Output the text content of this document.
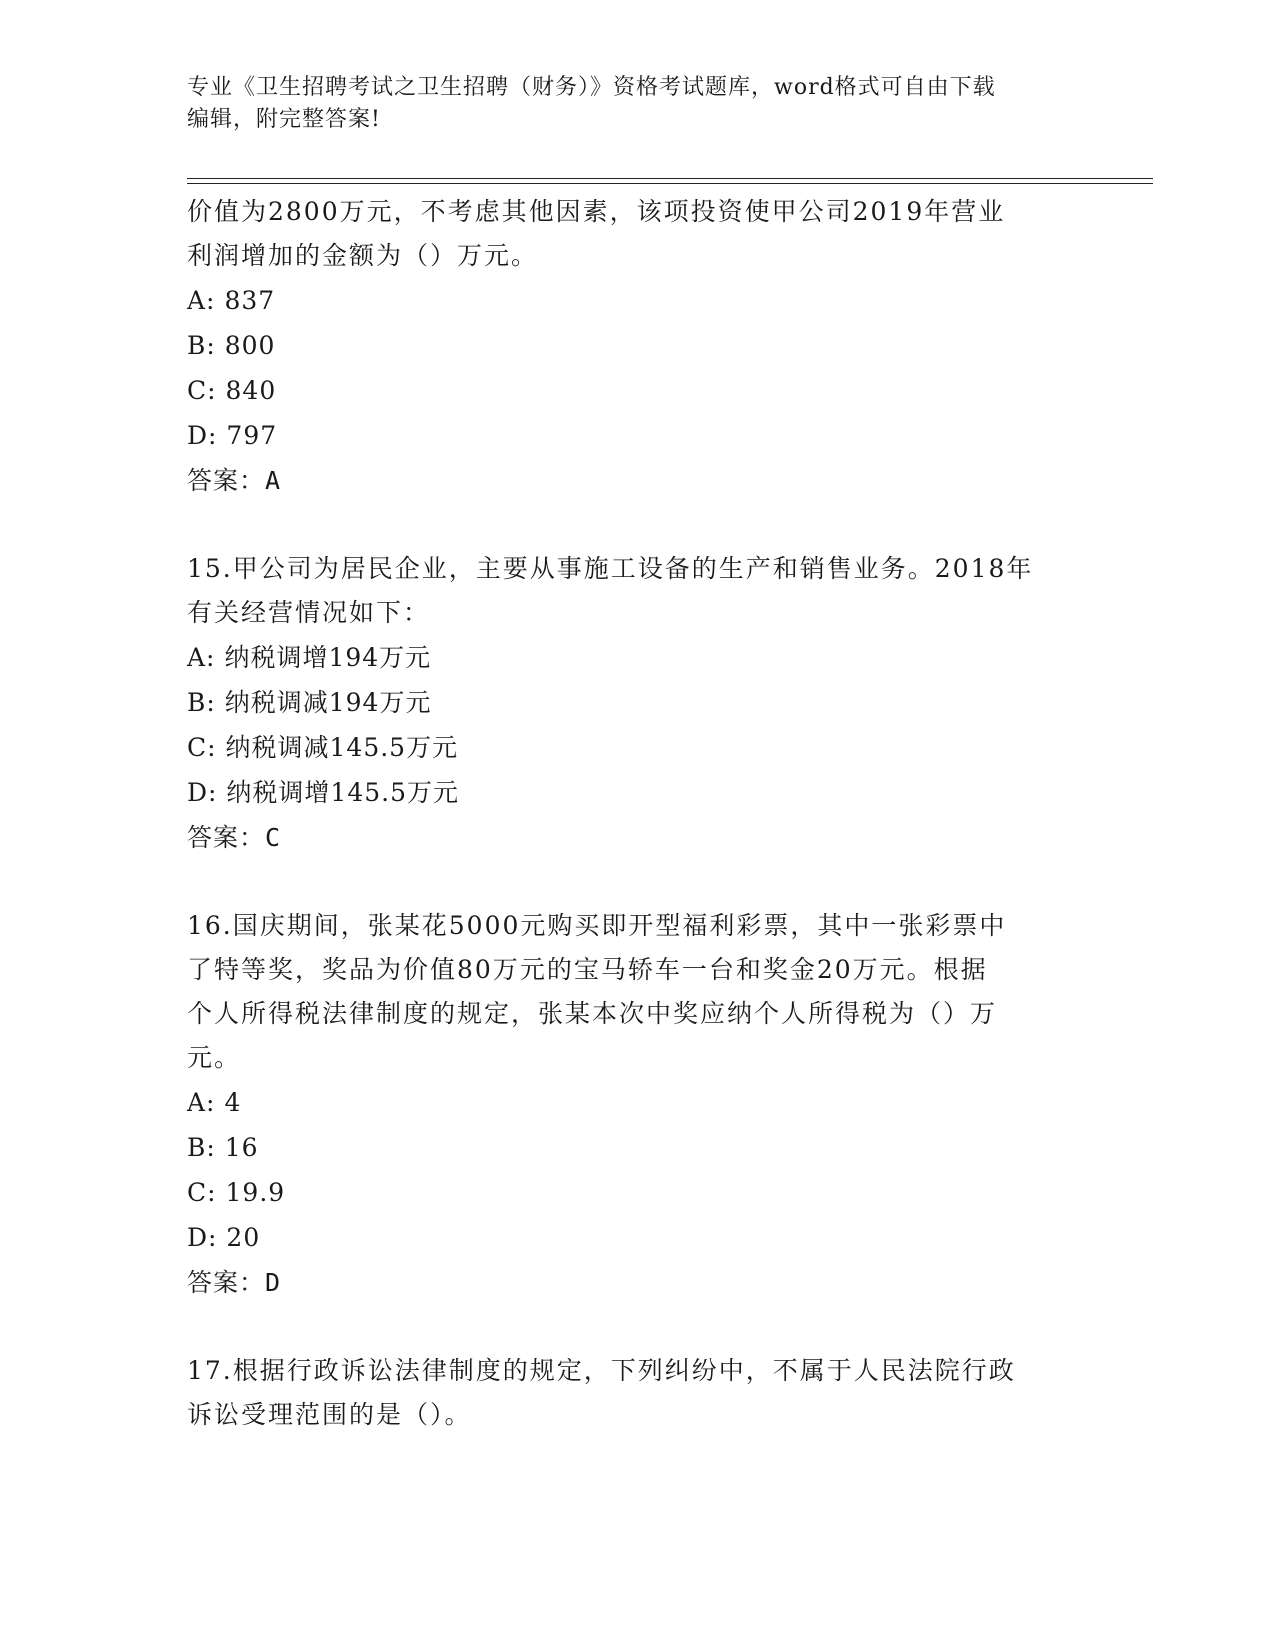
专业《卫生招聘考试之卫生招聘（财务）》资格考试题库，word格式可自由下载
编辑，附完整答案!

价值为2800万元，不考虑其他因素，该项投资使甲公司2019年营业

利润增加的金额为（）万元。

A: 837

B: 800

C: 840

D: 797

答案：A

15.甲公司为居民企业，主要从事施工设备的生产和销售业务。2018年

有关经营情况如下：

A: 纳税调增194万元

B: 纳税调减194万元

C: 纳税调减145.5万元

D: 纳税调增145.5万元

答案：C

16.国庆期间，张某花5000元购买即开型福利彩票，其中一张彩票中

了特等奖，奖品为价值80万元的宝马轿车一台和奖金20万元。根据

个人所得税法律制度的规定，张某本次中奖应纳个人所得税为（）万

元。

A: 4

B: 16

C: 19.9

D: 20

答案：D

17.根据行政诉讼法律制度的规定，下列纠纷中，不属于人民法院行政

诉讼受理范围的是（）。
